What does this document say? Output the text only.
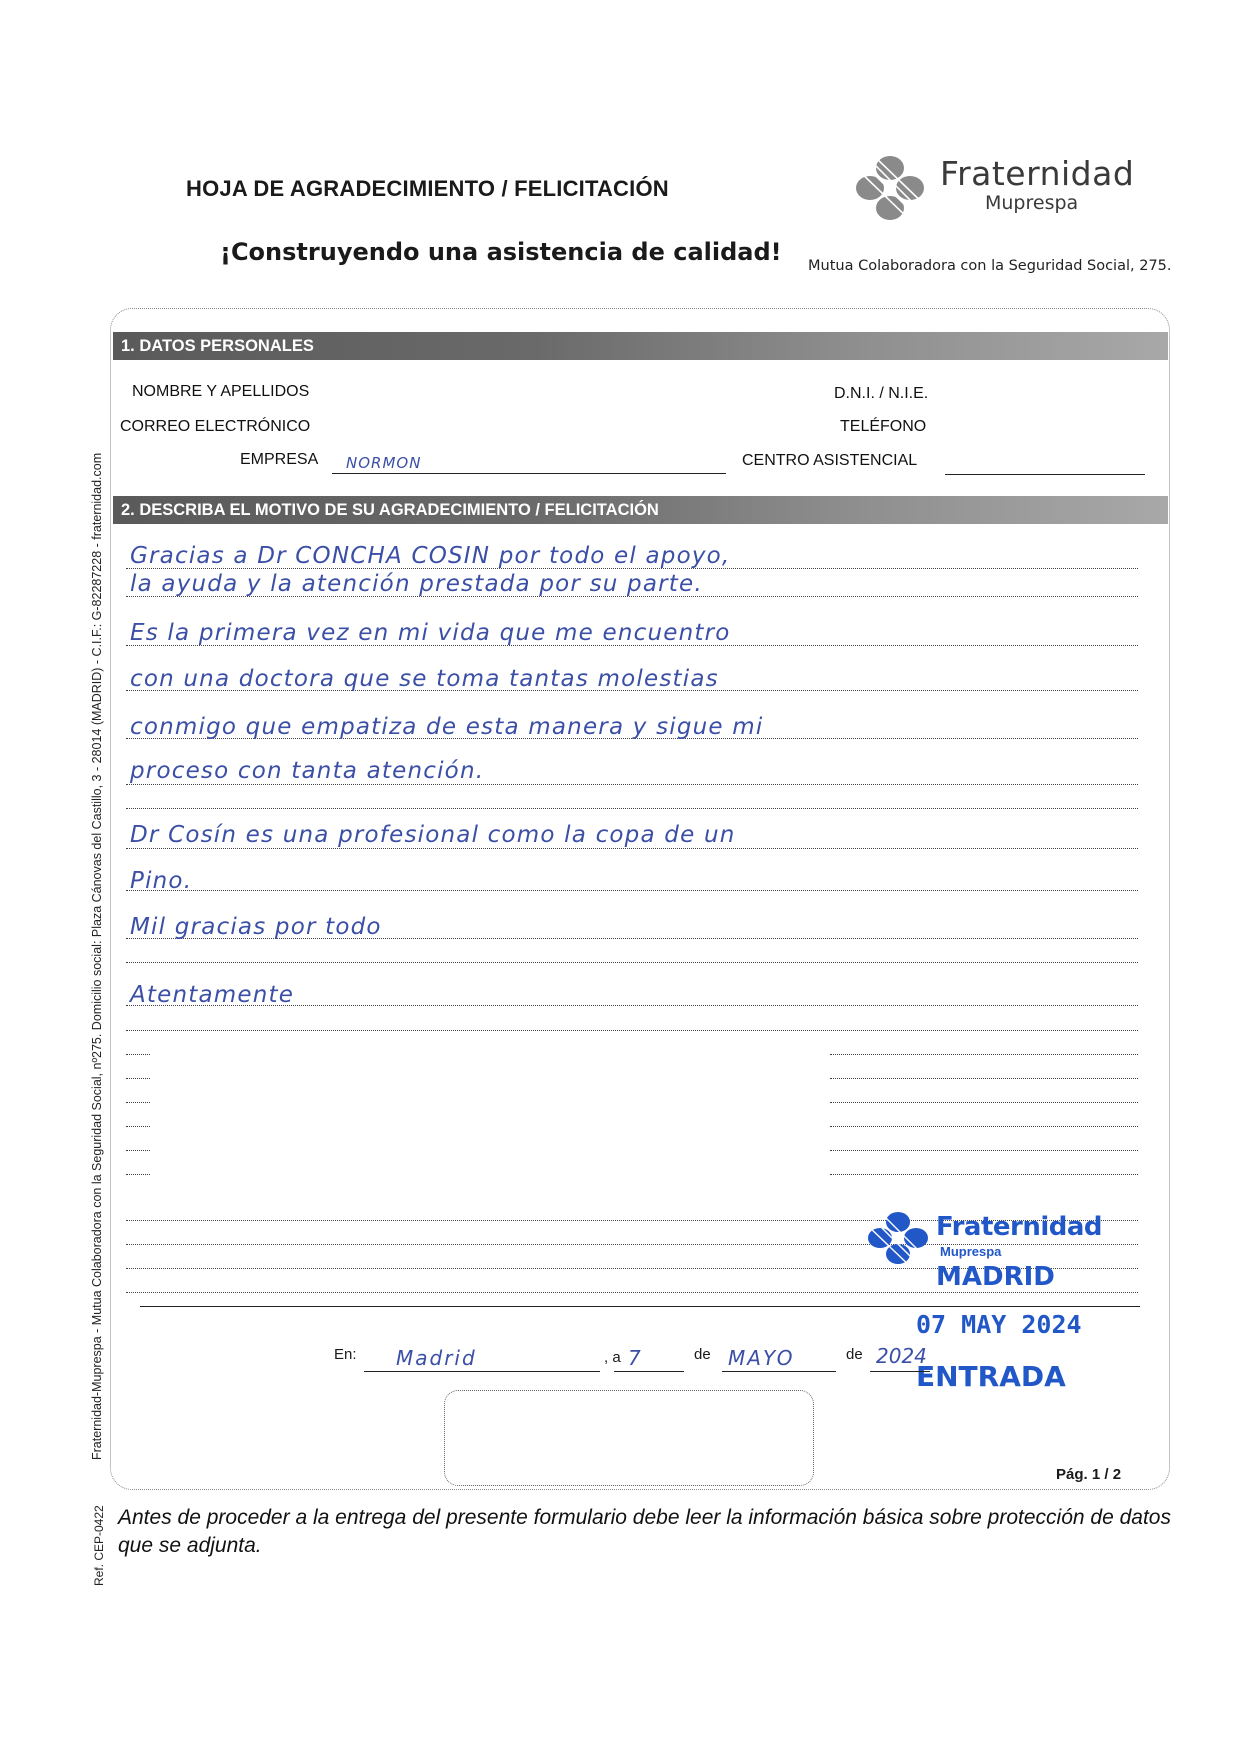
HOJA DE AGRADECIMIENTO / FELICITACIÓN
¡Construyendo una asistencia de calidad!
Fraternidad
Muprespa
Mutua Colaboradora con la Seguridad Social, 275.
Fraternidad-Muprespa - Mutua Colaboradora con la Seguridad Social, nº275. Domicilio social: Plaza Cánovas del Castillo, 3 - 28014 (MADRID) - C.I.F.: G-82287228 - fraternidad.com
Ref. CEP-0422
1. DATOS PERSONALES
NOMBRE Y APELLIDOS	D.N.I. / N.I.E.
CORREO ELECTRÓNICO	TELÉFONO
EMPRESA NORMON	CENTRO ASISTENCIAL
2. DESCRIBA EL MOTIVO DE SU AGRADECIMIENTO / FELICITACIÓN
Gracias a Dr CONCHA COSIN por todo el apoyo,
la ayuda y la atención prestada por su parte.
Es la primera vez en mi vida que me encuentro
con una doctora que se toma tantas molestias
conmigo que empatiza de esta manera y sigue mi
proceso con tanta atención.
Dr Cosín es una profesional como la copa de un
Pino.
Mil gracias por todo
Atentamente
Fraternidad
Muprespa
MADRID
07 MAY 2024
ENTRADA
En: Madrid	, a 7	de MAYO	de 2024
Pág. 1 / 2
Antes de proceder a la entrega del presente formulario debe leer la información básica sobre protección de datos que se adjunta.
